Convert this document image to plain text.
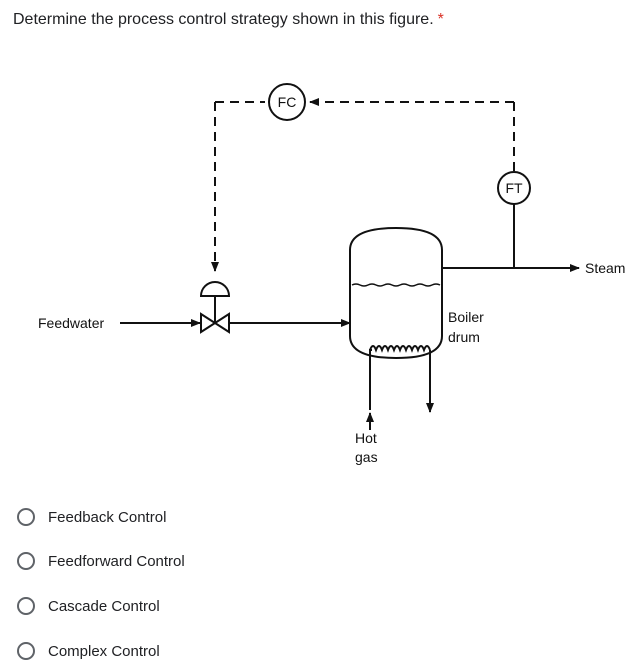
Determine the process control strategy shown in this figure. *
FC
FT
Steam
Feedwater	Boiler
drum
Hot
gas
Feedback Control
Feedforward Control
Cascade Control
Complex Control
